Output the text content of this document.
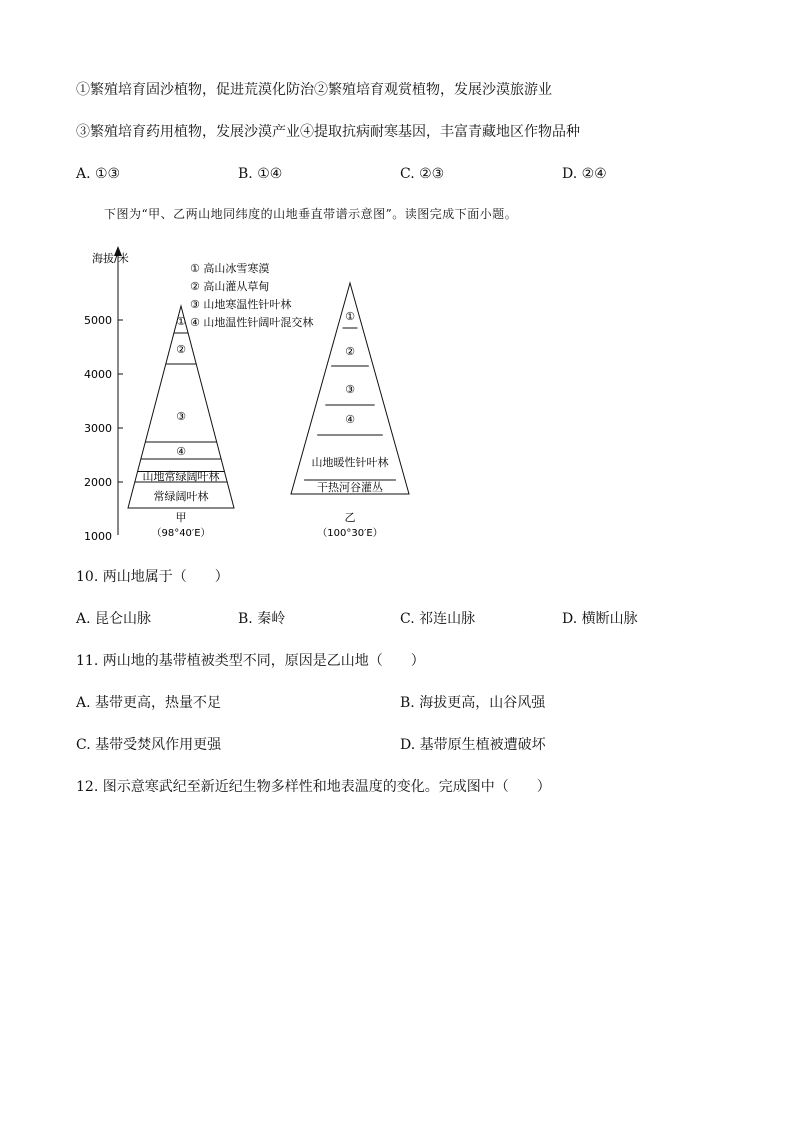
①繁殖培育固沙植物，促进荒漠化防治②繁殖培育观赏植物，发展沙漠旅游业
③繁殖培育药用植物，发展沙漠产业④提取抗病耐寒基因，丰富青藏地区作物品种
A. ①③	B. ①④	C. ②③	D. ②④
下图为“甲、乙两山地同纬度的山地垂直带谱示意图”。读图完成下面小题。
海拔/米
5000
4000
3000
2000
1000
① 高山冰雪寒漠
② 高山灌从草甸
③ 山地寒温性针叶林
④ 山地温性针阔叶混交林
①
②
③
④
山地常绿阔叶林
常绿阔叶林
甲
（98°40′E）
①
②
③
④
山地暖性针叶林
干热河谷灌丛
乙
（100°30′E）
10. 两山地属于（　　）
A. 昆仑山脉	B. 秦岭	C. 祁连山脉	D. 横断山脉
11. 两山地的基带植被类型不同，原因是乙山地（　　）
A. 基带更高，热量不足	B. 海拔更高，山谷风强
C. 基带受焚风作用更强	D. 基带原生植被遭破坏
12. 图示意寒武纪至新近纪生物多样性和地表温度的变化。完成图中（　　）
